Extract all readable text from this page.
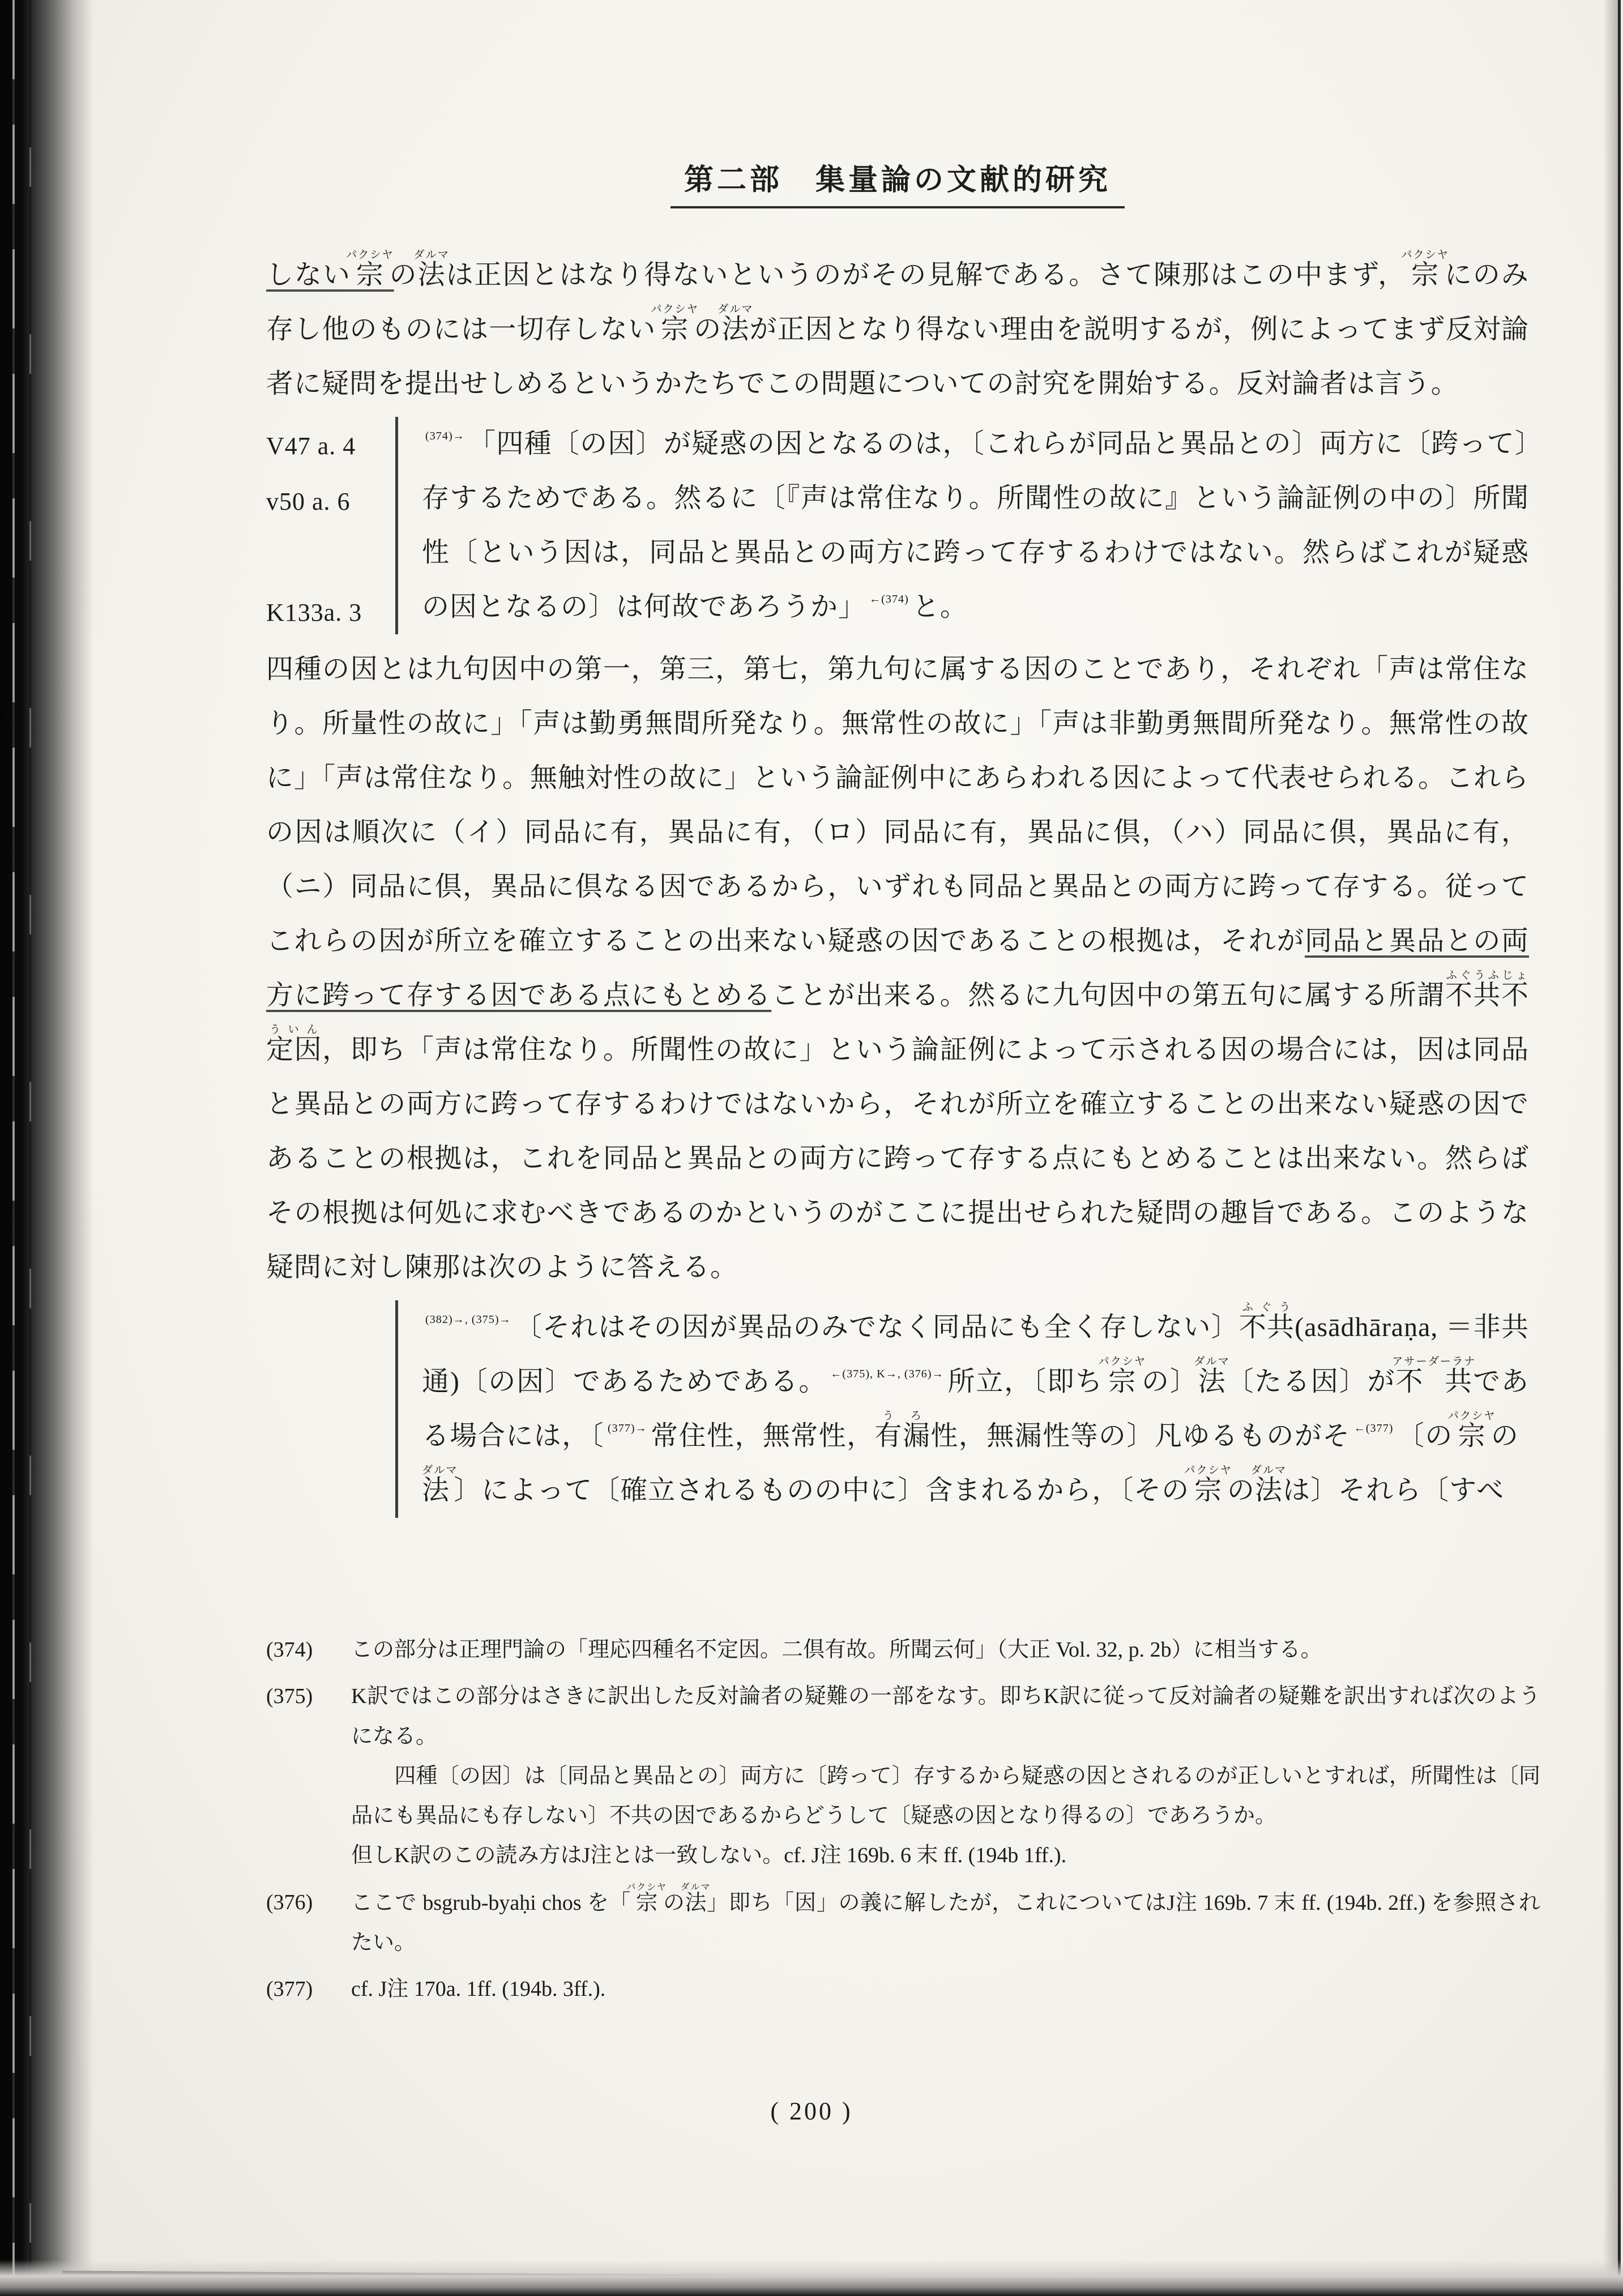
第二部　集量論の文献的研究

しない宗パクシヤの法ダルマは正因とはなり得ないというのがその見解である。さて陳那はこの中まず，宗パクシヤにのみ存し他のものには一切存しない宗パクシヤの法ダルマが正因となり得ない理由を説明するが，例によってまず反対論者に疑問を提出せしめるというかたちでこの問題についての討究を開始する。反対論者は言う。

V47 a. 4
v50 a. 6
K133a. 3
(374)→ 「四種〔の因〕が疑惑の因となるのは，〔これらが同品と異品との〕両方に〔跨って〕存するためである。然るに〔『声は常住なり。所聞性の故に』という論証例の中の〕所聞性〔という因は，同品と異品との両方に跨って存するわけではない。然らばこれが疑惑の因となるの〕は何故であろうか」 ←(374) と。

四種の因とは九句因中の第一，第三，第七，第九句に属する因のことであり，それぞれ「声は常住なり。所量性の故に」「声は勤勇無間所発なり。無常性の故に」「声は非勤勇無間所発なり。無常性の故に」「声は常住なり。無触対性の故に」という論証例中にあらわれる因によって代表せられる。これらの因は順次に（イ）同品に有，異品に有，（ロ）同品に有，異品に倶，（ハ）同品に倶，異品に有，（ニ）同品に倶，異品に倶なる因であるから，いずれも同品と異品との両方に跨って存する。従ってこれらの因が所立を確立することの出来ない疑惑の因であることの根拠は，それが同品と異品との両方に跨って存する因である点にもとめることが出来る。然るに九句因中の第五句に属する所謂不共不定因ふぐうふじょういん，即ち「声は常住なり。所聞性の故に」という論証例によって示される因の場合には，因は同品と異品との両方に跨って存するわけではないから，それが所立を確立することの出来ない疑惑の因であることの根拠は，これを同品と異品との両方に跨って存する点にもとめることは出来ない。然らばその根拠は何処に求むべきであるのかというのがここに提出せられた疑問の趣旨である。このような疑問に対し陳那は次のように答える。

(382)→, (375)→ 〔それはその因が異品のみでなく同品にも全く存しない〕不共ふぐう(asādhāraṇa, ＝非共通)〔の因〕であるためである。 ←(375), K→, (376)→ 所立，〔即ち宗パクシヤの〕法ダルマ〔たる因〕が不 共アサーダーラナである場合には，〔 (377)→ 常住性，無常性，有漏うろ性，無漏性等の〕凡ゆるものがそ ←(377) 〔の宗パクシヤの法ダルマ〕によって〔確立されるものの中に〕含まれるから，〔その宗パクシヤの法ダルマは〕それら〔すべ
(374)	この部分は正理門論の「理応四種名不定因。二倶有故。所聞云何」（大正 Vol. 32, p. 2b）に相当する。
(375)	K訳ではこの部分はさきに訳出した反対論者の疑難の一部をなす。即ちK訳に従って反対論者の疑難を訳出すれば次のようになる。
　　四種〔の因〕は〔同品と異品との〕両方に〔跨って〕存するから疑惑の因とされるのが正しいとすれば，所聞性は〔同品にも異品にも存しない〕不共の因であるからどうして〔疑惑の因となり得るの〕であろうか。
但しK訳のこの読み方はJ注とは一致しない。cf. J注 169b. 6 末 ff. (194b 1ff.).
(376)	ここで bsgrub-byaḥi chos を「宗パクシヤの法ダルマ」即ち「因」の義に解したが，これについてはJ注 169b. 7 末 ff. (194b. 2ff.) を参照されたい。
(377)	cf. J注 170a. 1ff. (194b. 3ff.).
( 200 )
